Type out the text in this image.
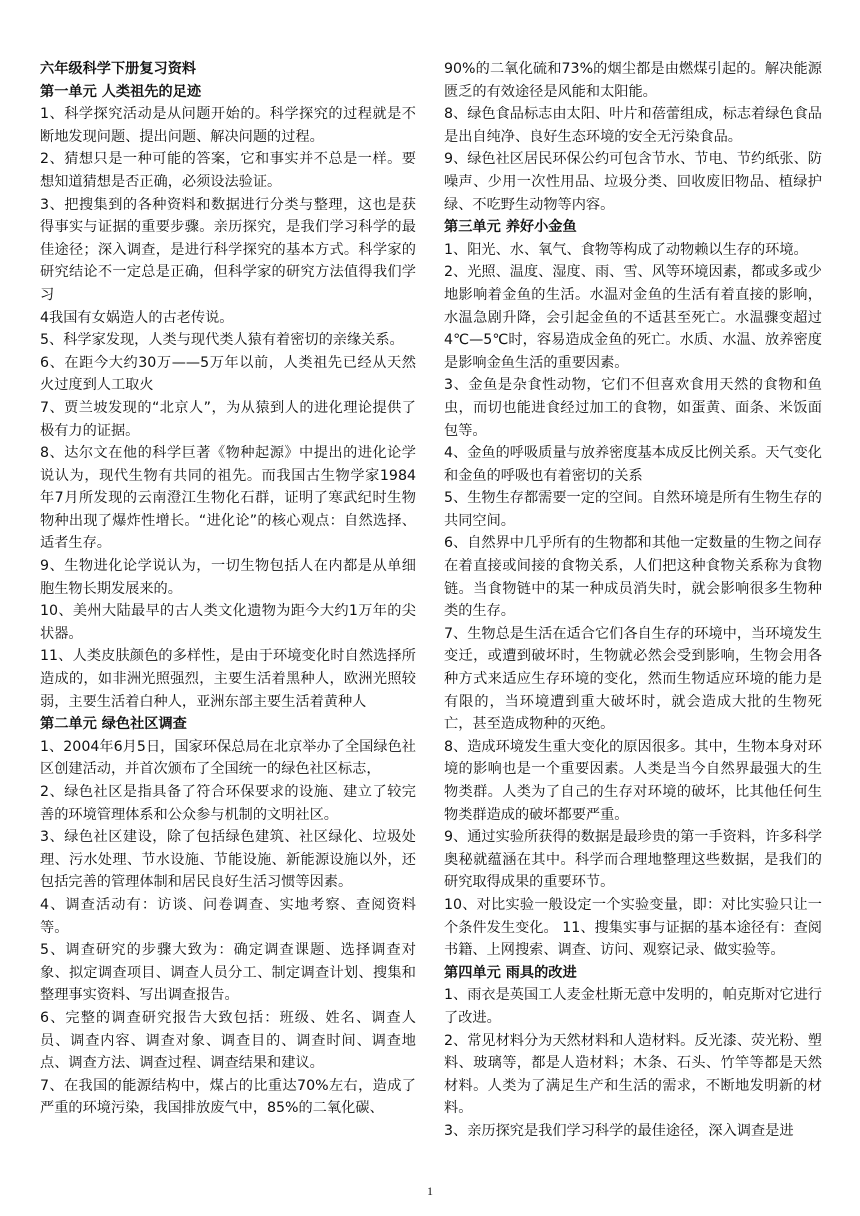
六年级科学下册复习资料

第一单元 人类祖先的足迹

1、科学探究活动是从问题开始的。科学探究的过程就是不断地发现问题、提出问题、解决问题的过程。

2、猜想只是一种可能的答案，它和事实并不总是一样。要想知道猜想是否正确，必须设法验证。

3、把搜集到的各种资料和数据进行分类与整理，这也是获得事实与证据的重要步骤。亲历探究，是我们学习科学的最佳途径；深入调查，是进行科学探究的基本方式。科学家的研究结论不一定总是正确，但科学家的研究方法值得我们学习

4我国有女娲造人的古老传说。

5、科学家发现，人类与现代类人猿有着密切的亲缘关系。

6、在距今大约30万——5万年以前，人类祖先已经从天然火过度到人工取火

7、贾兰坡发现的“北京人”，为从猿到人的进化理论提供了极有力的证据。

8、达尔文在他的科学巨著《物种起源》中提出的进化论学说认为，现代生物有共同的祖先。而我国古生物学家1984年7月所发现的云南澄江生物化石群，证明了寒武纪时生物物种出现了爆炸性增长。“进化论”的核心观点：自然选择、适者生存。

9、生物进化论学说认为，一切生物包括人在内都是从单细胞生物长期发展来的。

10、美州大陆最早的古人类文化遗物为距今大约1万年的尖状器。

11、人类皮肤颜色的多样性，是由于环境变化时自然选择所造成的，如非洲光照强烈，主要生活着黑种人，欧洲光照较弱，主要生活着白种人，亚洲东部主要生活着黄种人

第二单元 绿色社区调查

1、2004年6月5日，国家环保总局在北京举办了全国绿色社区创建活动，并首次颁布了全国统一的绿色社区标志，

2、绿色社区是指具备了符合环保要求的设施、建立了较完善的环境管理体系和公众参与机制的文明社区。

3、绿色社区建设，除了包括绿色建筑、社区绿化、垃圾处理、污水处理、节水设施、节能设施、新能源设施以外，还包括完善的管理体制和居民良好生活习惯等因素。

4、调查活动有：访谈、问卷调查、实地考察、查阅资料等。

5、调查研究的步骤大致为：确定调查课题、选择调查对象、拟定调查项目、调查人员分工、制定调查计划、搜集和整理事实资料、写出调查报告。

6、完整的调查研究报告大致包括：班级、姓名、调查人员、调查内容、调查对象、调查目的、调查时间、调查地点、调查方法、调查过程、调查结果和建议。

7、在我国的能源结构中，煤占的比重达70%左右，造成了严重的环境污染，我国排放废气中，85%的二氧化碳、

90%的二氧化硫和73%的烟尘都是由燃煤引起的。解决能源匮乏的有效途径是风能和太阳能。

8、绿色食品标志由太阳、叶片和蓓蕾组成，标志着绿色食品是出自纯净、良好生态环境的安全无污染食品。

9、绿色社区居民环保公约可包含节水、节电、节约纸张、防噪声、少用一次性用品、垃圾分类、回收废旧物品、植绿护绿、不吃野生动物等内容。

第三单元 养好小金鱼

1、阳光、水、氧气、食物等构成了动物赖以生存的环境。

2、光照、温度、湿度、雨、雪、风等环境因素，都或多或少地影响着金鱼的生活。水温对金鱼的生活有着直接的影响，水温急剧升降，会引起金鱼的不适甚至死亡。水温骤变超过4℃—5℃时，容易造成金鱼的死亡。水质、水温、放养密度是影响金鱼生活的重要因素。

3、金鱼是杂食性动物，它们不但喜欢食用天然的食物和鱼虫，而切也能进食经过加工的食物，如蛋黄、面条、米饭面包等。

4、金鱼的呼吸质量与放养密度基本成反比例关系。天气变化和金鱼的呼吸也有着密切的关系

5、生物生存都需要一定的空间。自然环境是所有生物生存的共同空间。

6、自然界中几乎所有的生物都和其他一定数量的生物之间存在着直接或间接的食物关系，人们把这种食物关系称为食物链。当食物链中的某一种成员消失时，就会影响很多生物种类的生存。

7、生物总是生活在适合它们各自生存的环境中，当环境发生变迁，或遭到破坏时，生物就必然会受到影响，生物会用各种方式来适应生存环境的变化，然而生物适应环境的能力是有限的，当环境遭到重大破坏时，就会造成大批的生物死亡，甚至造成物种的灭绝。

8、造成环境发生重大变化的原因很多。其中，生物本身对环境的影响也是一个重要因素。人类是当今自然界最强大的生物类群。人类为了自己的生存对环境的破坏，比其他任何生物类群造成的破坏都要严重。

9、通过实验所获得的数据是最珍贵的第一手资料，许多科学奥秘就蕴涵在其中。科学而合理地整理这些数据，是我们的研究取得成果的重要环节。

10、对比实验一般设定一个实验变量，即：对比实验只让一个条件发生变化。 11、搜集实事与证据的基本途径有：查阅书籍、上网搜索、调查、访问、观察记录、做实验等。

第四单元 雨具的改进

1、雨衣是英国工人麦金杜斯无意中发明的，帕克斯对它进行了改进。

2、常见材料分为天然材料和人造材料。反光漆、荧光粉、塑料、玻璃等，都是人造材料；木条、石头、竹竿等都是天然材料。人类为了满足生产和生活的需求，不断地发明新的材料。

3、亲历探究是我们学习科学的最佳途径，深入调查是进

1
